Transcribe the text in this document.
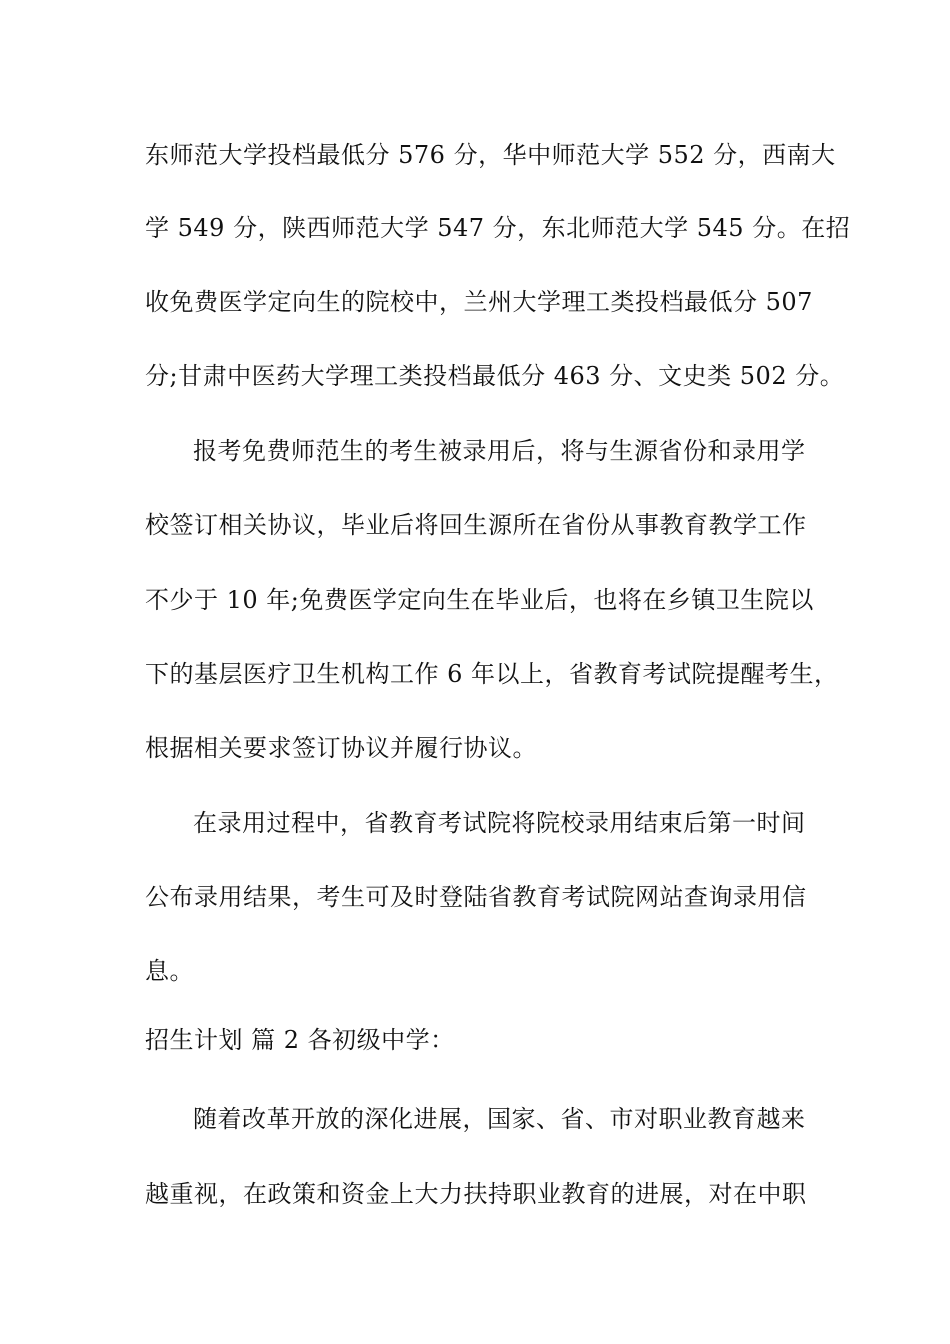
东师范大学投档最低分 576 分，华中师范大学 552 分，西南大
学 549 分，陕西师范大学 547 分，东北师范大学 545 分。在招
收免费医学定向生的院校中，兰州大学理工类投档最低分 507
分;甘肃中医药大学理工类投档最低分 463 分、文史类 502 分。
报考免费师范生的考生被录用后，将与生源省份和录用学
校签订相关协议，毕业后将回生源所在省份从事教育教学工作
不少于 10 年;免费医学定向生在毕业后，也将在乡镇卫生院以
下的基层医疗卫生机构工作 6 年以上，省教育考试院提醒考生，
根据相关要求签订协议并履行协议。
在录用过程中，省教育考试院将院校录用结束后第一时间
公布录用结果，考生可及时登陆省教育考试院网站查询录用信
息。
招生计划 篇 2 各初级中学：
随着改革开放的深化进展，国家、省、市对职业教育越来
越重视，在政策和资金上大力扶持职业教育的进展，对在中职
